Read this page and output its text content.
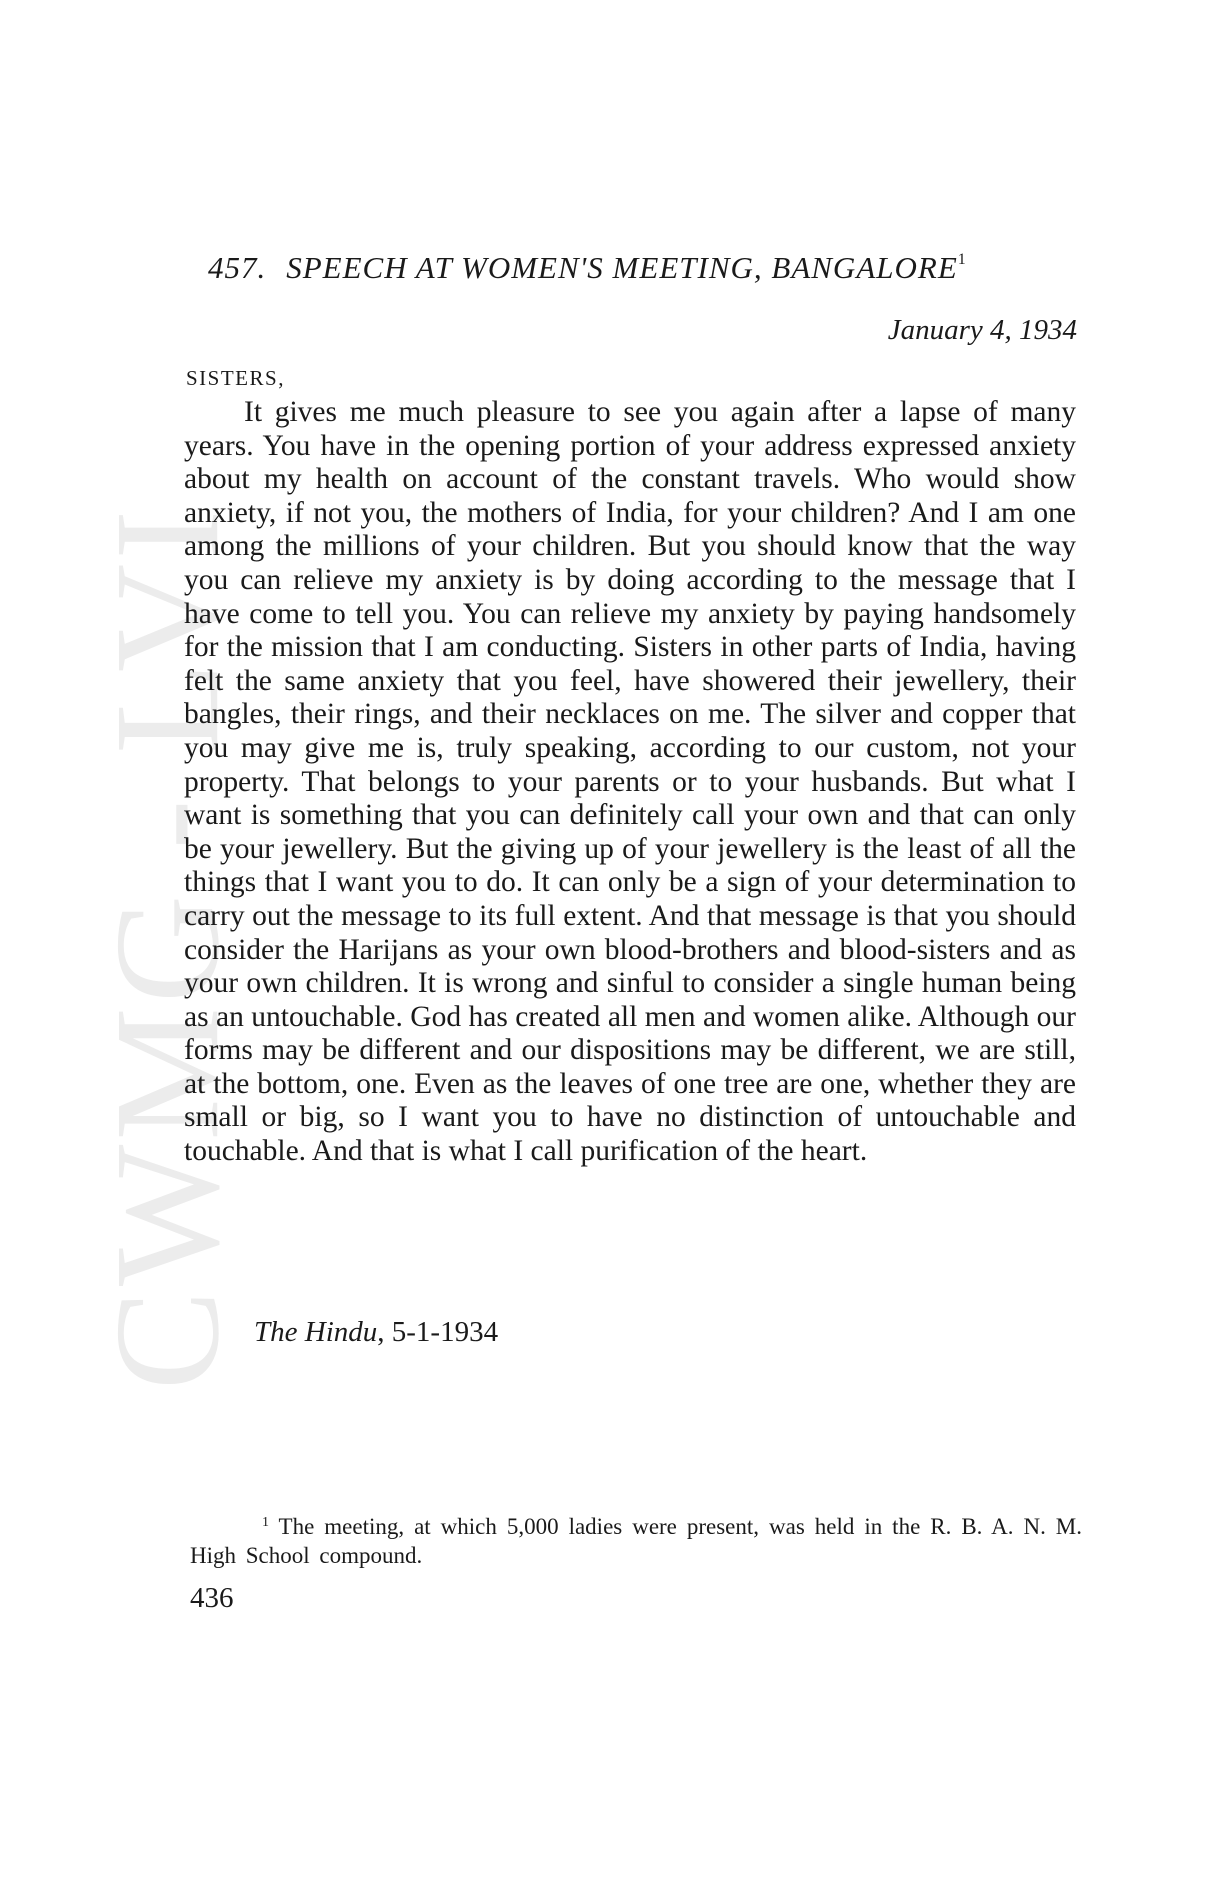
CWMG - LVI
457. SPEECH AT WOMEN'S MEETING, BANGALORE$^1$
January 4, 1934
SISTERS,

It gives me much pleasure to see you again after a lapse of many years. You have in the opening portion of your address expressed anxiety about my health on account of the constant travels. Who would show anxiety, if not you, the mothers of India, for your children? And I am one among the millions of your children. But you should know that the way you can relieve my anxiety is by doing according to the message that I have come to tell you. You can relieve my anxiety by paying handsomely for the mission that I am conducting. Sisters in other parts of India, having felt the same anxiety that you feel, have showered their jewellery, their bangles, their rings, and their necklaces on me. The silver and copper that you may give me is, truly speaking, according to our custom, not your property. That belongs to your parents or to your husbands. But what I want is something that you can definitely call your own and that can only be your jewellery. But the giving up of your jewellery is the least of all the things that I want you to do. It can only be a sign of your determination to carry out the message to its full extent. And that message is that you should consider the Harijans as your own blood-brothers and blood-sisters and as your own children. It is wrong and sinful to consider a single human being as an untouchable. God has created all men and women alike. Although our forms may be different and our dispositions may be different, we are still, at the bottom, one. Even as the leaves of one tree are one, whether they are small or big, so I want you to have no distinction of untouchable and touchable. And that is what I call purification of the heart.

The Hindu, 5-1-1934

$^1$ The meeting, at which 5,000 ladies were present, was held in the R. B. A. N. M. High School compound.

436
